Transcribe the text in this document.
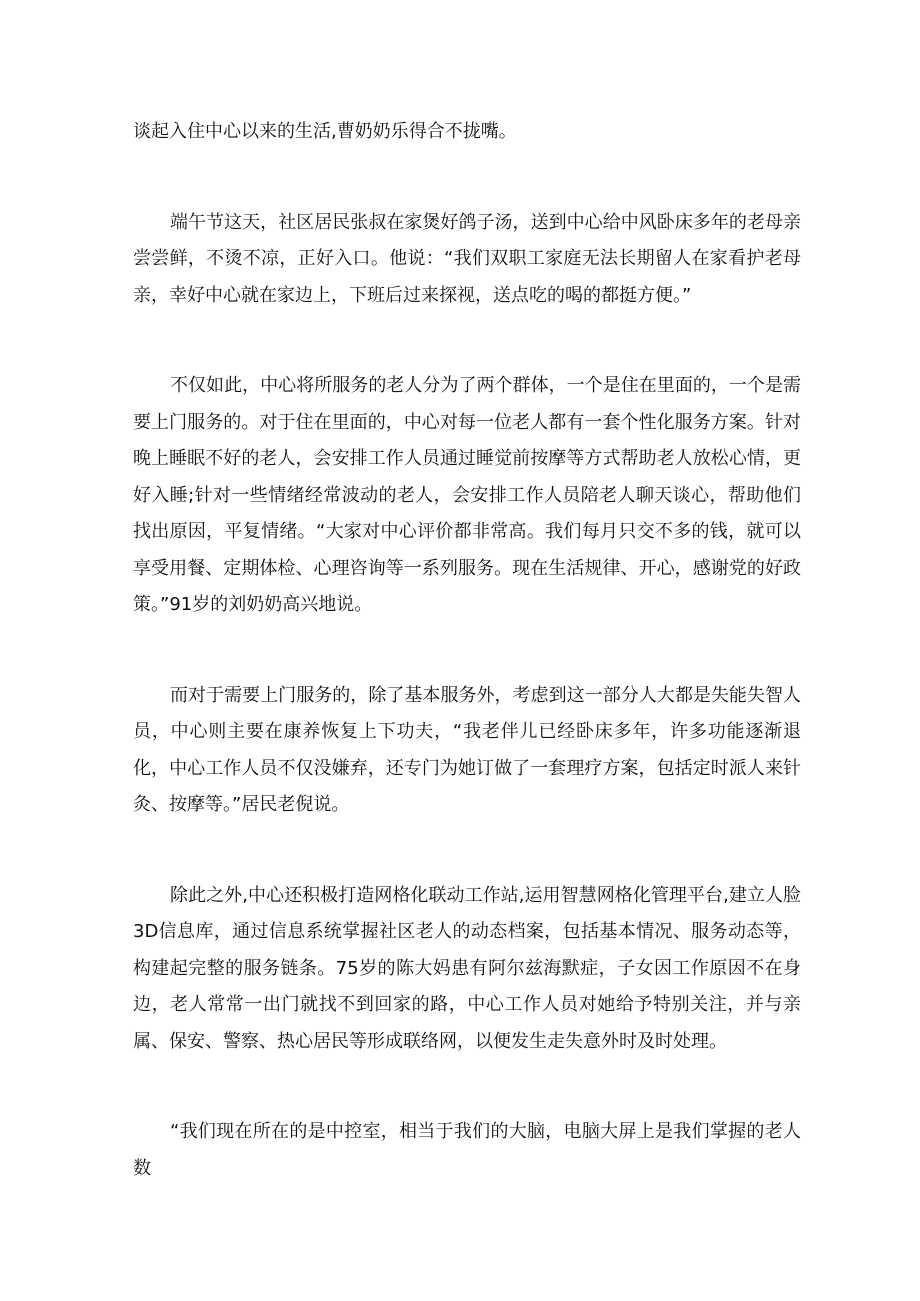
谈起入住中心以来的生活,曹奶奶乐得合不拢嘴。

端午节这天，社区居民张叔在家煲好鸽子汤，送到中心给中风卧床多年的老母亲尝尝鲜，不烫不凉，正好入口。他说：“我们双职工家庭无法长期留人在家看护老母亲，幸好中心就在家边上，下班后过来探视，送点吃的喝的都挺方便。”

不仅如此，中心将所服务的老人分为了两个群体，一个是住在里面的，一个是需要上门服务的。对于住在里面的，中心对每一位老人都有一套个性化服务方案。针对晚上睡眠不好的老人，会安排工作人员通过睡觉前按摩等方式帮助老人放松心情，更好入睡;针对一些情绪经常波动的老人，会安排工作人员陪老人聊天谈心，帮助他们找出原因，平复情绪。“大家对中心评价都非常高。我们每月只交不多的钱，就可以享受用餐、定期体检、心理咨询等一系列服务。现在生活规律、开心，感谢党的好政策。”91岁的刘奶奶高兴地说。

而对于需要上门服务的，除了基本服务外，考虑到这一部分人大都是失能失智人员，中心则主要在康养恢复上下功夫，“我老伴儿已经卧床多年，许多功能逐渐退化，中心工作人员不仅没嫌弃，还专门为她订做了一套理疗方案，包括定时派人来针灸、按摩等。”居民老倪说。

除此之外,中心还积极打造网格化联动工作站,运用智慧网格化管理平台,建立人脸3D信息库，通过信息系统掌握社区老人的动态档案，包括基本情况、服务动态等，构建起完整的服务链条。75岁的陈大妈患有阿尔兹海默症，子女因工作原因不在身边，老人常常一出门就找不到回家的路，中心工作人员对她给予特别关注，并与亲属、保安、警察、热心居民等形成联络网，以便发生走失意外时及时处理。

“我们现在所在的是中控室，相当于我们的大脑，电脑大屏上是我们掌握的老人数
